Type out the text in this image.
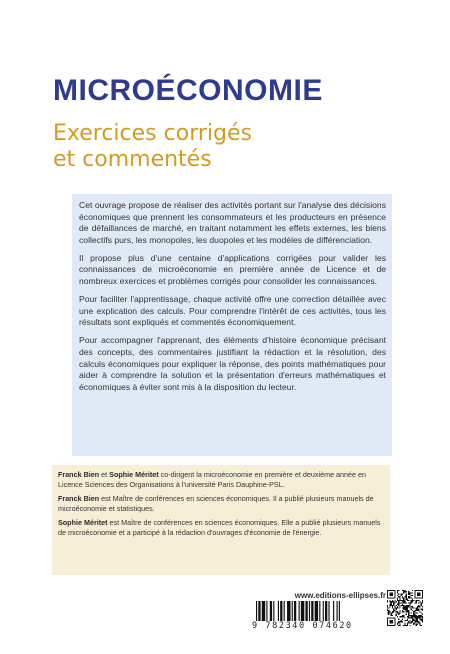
MICROÉCONOMIE
Exercices corrigés
et commentés

Cet ouvrage propose de réaliser des activités portant sur l'analyse des décisions économiques que prennent les consommateurs et les producteurs en présence de défaillances de marché, en traitant notamment les effets externes, les biens collectifs purs, les monopoles, les duopoles et les modèles de différenciation.

Il propose plus d'une centaine d'applications corrigées pour valider les connaissances de microéconomie en première année de Licence et de nombreux exercices et problèmes corrigés pour consolider les connaissances.

Pour faciliter l'apprentissage, chaque activité offre une correction détaillée avec une explication des calculs. Pour comprendre l'intérêt de ces activités, tous les résultats sont expliqués et commentés économiquement.

Pour accompagner l'apprenant, des éléments d'histoire économique précisant des concepts, des commentaires justifiant la rédaction et la résolution, des calculs économiques pour expliquer la réponse, des points mathématiques pour aider à comprendre la solution et la présentation d'erreurs mathématiques et économiques à éviter sont mis à la disposition du lecteur.

Franck Bien et Sophie Méritet co-dirigent la microéconomie en première et deuxième année en Licence Sciences des Organisations à l'université Paris Dauphine-PSL.

Franck Bien est Maître de conférences en sciences économiques. Il a publié plusieurs manuels de microéconomie et statistiques.

Sophie Méritet est Maître de conférences en sciences économiques. Elle a publié plusieurs manuels de microéconomie et a participé à la rédaction d'ouvrages d'économie de l'énergie.

www.editions-ellipses.fr
9 782340 074620
